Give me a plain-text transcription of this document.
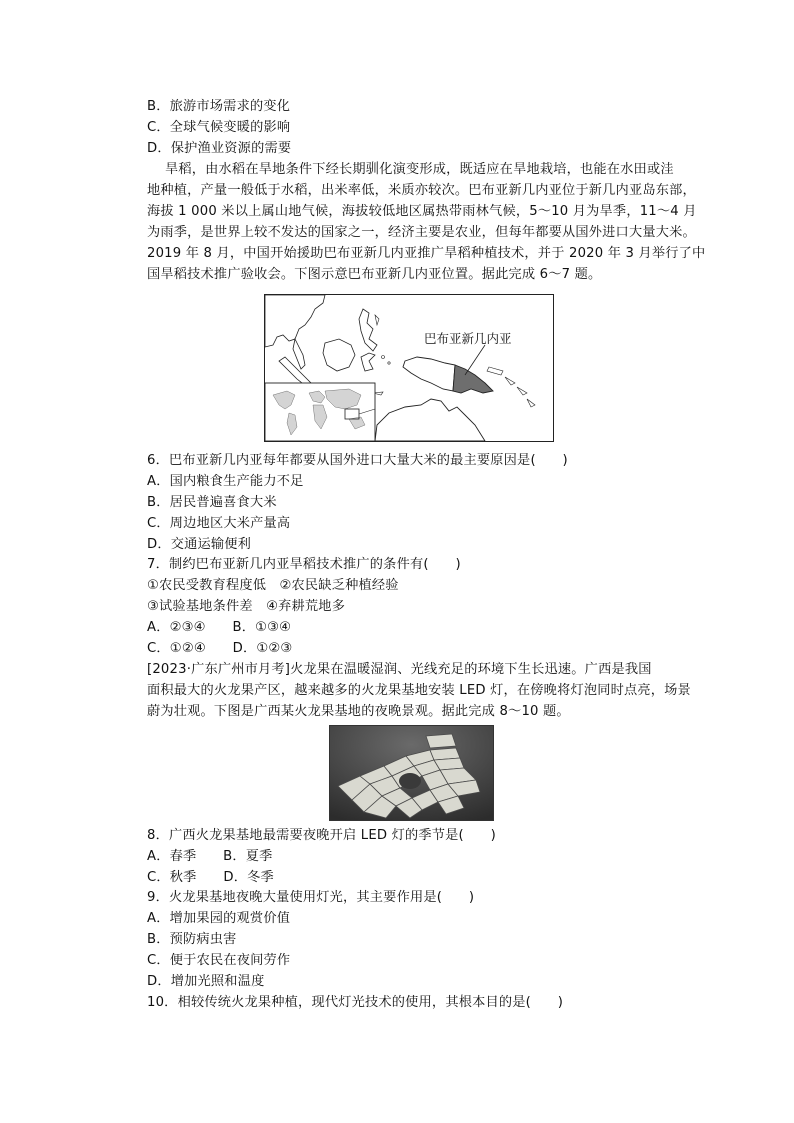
B．旅游市场需求的变化
C．全球气候变暖的影响
D．保护渔业资源的需要
旱稻，由水稻在旱地条件下经长期驯化演变形成，既适应在旱地栽培，也能在水田或洼
地种植，产量一般低于水稻，出米率低，米质亦较次。巴布亚新几内亚位于新几内亚岛东部，
海拔 1 000 米以上属山地气候，海拔较低地区属热带雨林气候，5～10 月为旱季，11～4 月
为雨季，是世界上较不发达的国家之一，经济主要是农业，但每年都要从国外进口大量大米。
2019 年 8 月，中国开始援助巴布亚新几内亚推广旱稻种植技术，并于 2020 年 3 月举行了中
国旱稻技术推广验收会。下图示意巴布亚新几内亚位置。据此完成 6～7 题。
巴布亚新几内亚
6．巴布亚新几内亚每年都要从国外进口大量大米的最主要原因是(　　)
A．国内粮食生产能力不足
B．居民普遍喜食大米
C．周边地区大米产量高
D．交通运输便利
7．制约巴布亚新几内亚旱稻技术推广的条件有(　　)
①农民受教育程度低　②农民缺乏种植经验
③试验基地条件差　④弃耕荒地多
A．②③④　　B．①③④
C．①②④　　D．①②③
[2023·广东广州市月考]火龙果在温暖湿润、光线充足的环境下生长迅速。广西是我国
面积最大的火龙果产区，越来越多的火龙果基地安装 LED 灯，在傍晚将灯泡同时点亮，场景
蔚为壮观。下图是广西某火龙果基地的夜晚景观。据此完成 8～10 题。
8．广西火龙果基地最需要夜晚开启 LED 灯的季节是(　　)
A．春季　　B．夏季
C．秋季　　D．冬季
9．火龙果基地夜晚大量使用灯光，其主要作用是(　　)
A．增加果园的观赏价值
B．预防病虫害
C．便于农民在夜间劳作
D．增加光照和温度
10．相较传统火龙果种植，现代灯光技术的使用，其根本目的是(　　)
